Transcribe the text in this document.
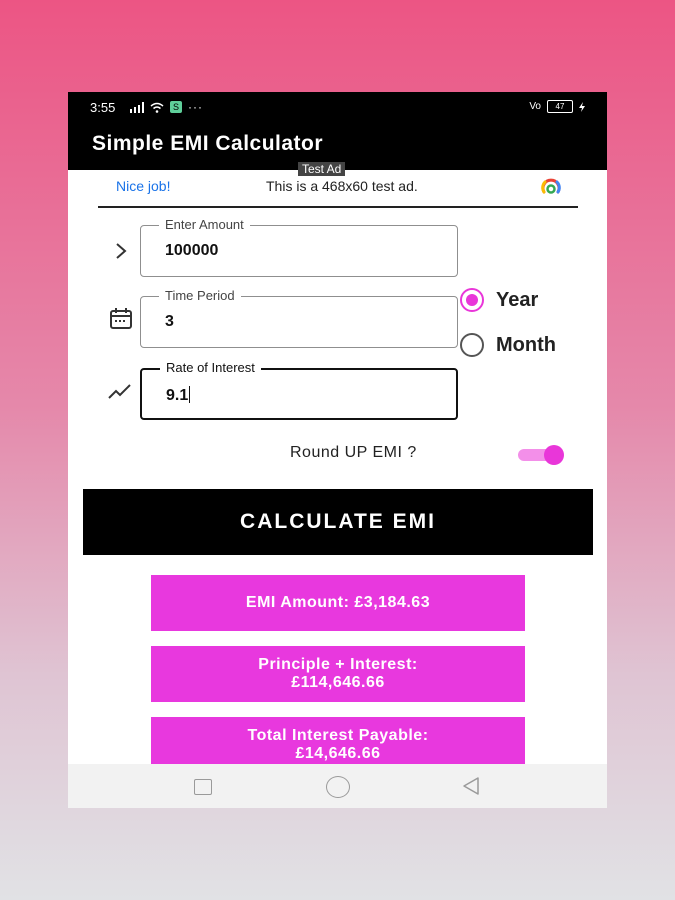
3:55	S ···	Vo	47
Simple EMI Calculator
Test Ad
Nice job!	This is a 468x60 test ad.
Enter Amount
100000
Time Period
3
Rate of Interest
9.1
Year
Month
Round UP EMI ?
CALCULATE EMI
EMI Amount: £3,184.63
Principle + Interest:
£114,646.66
Total Interest Payable:
£14,646.66
